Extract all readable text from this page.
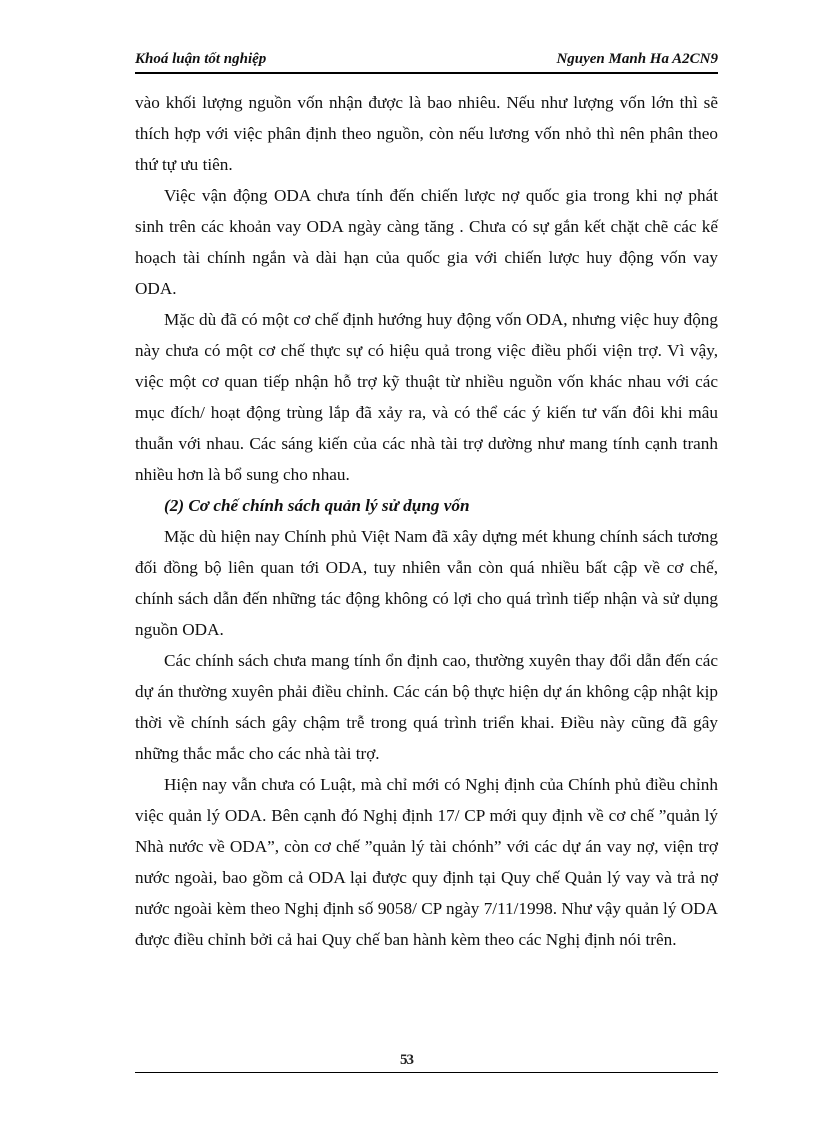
Khoá luận tốt nghiệp	Nguyen Manh Ha A2CN9

vào khối lượng nguồn vốn nhận được là bao nhiêu. Nếu như lượng vốn lớn thì sẽ thích hợp với việc phân định theo nguồn, còn nếu lương vốn nhỏ thì nên phân theo thứ tự ưu tiên.

Việc vận động ODA chưa tính đến chiến lược nợ quốc gia trong khi nợ phát sinh trên các khoản vay ODA ngày càng tăng . Chưa có sự gắn kết chặt chẽ các kế hoạch tài chính ngắn và dài hạn của quốc gia với chiến lược huy động vốn vay ODA.

Mặc dù đã có một cơ chế định hướng huy động vốn ODA, nhưng việc huy động này chưa có một cơ chế thực sự có hiệu quả trong việc điều phối viện trợ. Vì vậy, việc một cơ quan tiếp nhận hỗ trợ kỹ thuật từ nhiều nguồn vốn khác nhau với các mục đích/ hoạt động trùng lắp đã xảy ra, và có thể các ý kiến tư vấn đôi khi mâu thuẫn với nhau. Các sáng kiến của các nhà tài trợ dường như mang tính cạnh tranh nhiều hơn là bổ sung cho nhau.

(2) Cơ chế chính sách quản lý sử dụng vốn

Mặc dù hiện nay Chính phủ Việt Nam đã xây dựng mét khung chính sách tương đối đồng bộ liên quan tới ODA, tuy nhiên vẫn còn quá nhiều bất cập về cơ chế, chính sách dẫn đến những tác động không có lợi cho quá trình tiếp nhận và sử dụng nguồn ODA.

Các chính sách chưa mang tính ổn định cao, thường xuyên thay đổi dẫn đến các dự án thường xuyên phải điều chỉnh. Các cán bộ thực hiện dự án không cập nhật kịp thời về chính sách gây chậm trễ trong quá trình triển khai. Điều này cũng đã gây những thắc mắc cho các nhà tài trợ.

Hiện nay vẫn chưa có Luật, mà chỉ mới có Nghị định của Chính phủ điều chỉnh việc quản lý ODA. Bên cạnh đó Nghị định 17/ CP mới quy định về cơ chế ”quản lý Nhà nước về ODA”, còn cơ chế ”quản lý tài chónh” với các dự án vay nợ, viện trợ nước ngoài, bao gồm cả ODA lại được quy định tại Quy chế Quản lý vay và trả nợ nước ngoài kèm theo Nghị định số 9058/ CP ngày 7/11/1998. Như vậy quản lý ODA được điều chỉnh bởi cả hai Quy chế ban hành kèm theo các Nghị định nói trên.

53
